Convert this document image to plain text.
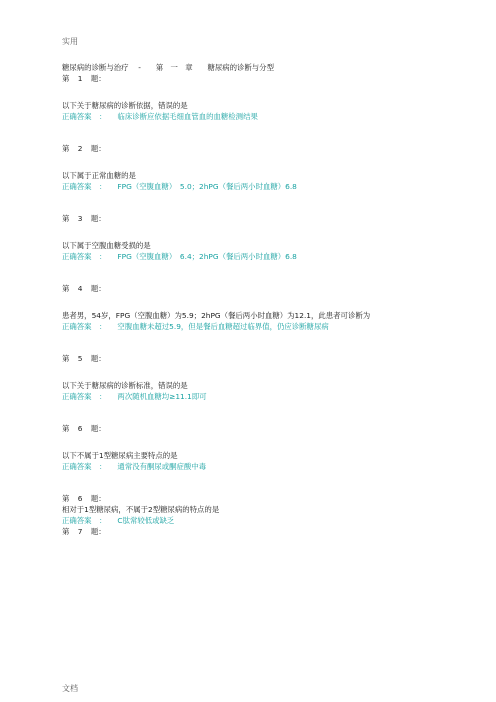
实用

糖尿病的诊断与治疗　 -　　第　一　章　　糖尿病的诊断与分型

第　1　题:

以下关于糖尿病的诊断依据，错误的是

正确答案　：　　临床诊断应依据毛细血管血的血糖检测结果

第　2　题:

以下属于正常血糖的是

正确答案　：　　FPG（空腹血糖）　5.0；2hPG（餐后两小时血糖）6.8

第　3　题:

以下属于空腹血糖受损的是

正确答案　：　　FPG（空腹血糖）　6.4；2hPG（餐后两小时血糖）6.8

第　4　题:

患者男，54岁，FPG（空腹血糖）为5.9；2hPG（餐后两小时血糖）为12.1，此患者可诊断为

正确答案　：　　空腹血糖未超过5.9，但是餐后血糖超过临界值，仍应诊断糖尿病

第　5　题:

以下关于糖尿病的诊断标准，错误的是

正确答案　：　　两次随机血糖均≥11.1即可

第　6　题:

以下不属于1型糖尿病主要特点的是

正确答案　：　　通常没有酮尿或酮症酸中毒

第　6　题:

相对于1型糖尿病，不属于2型糖尿病的特点的是

正确答案　：　　C肽常较低或缺乏

第　7　题:

文档
